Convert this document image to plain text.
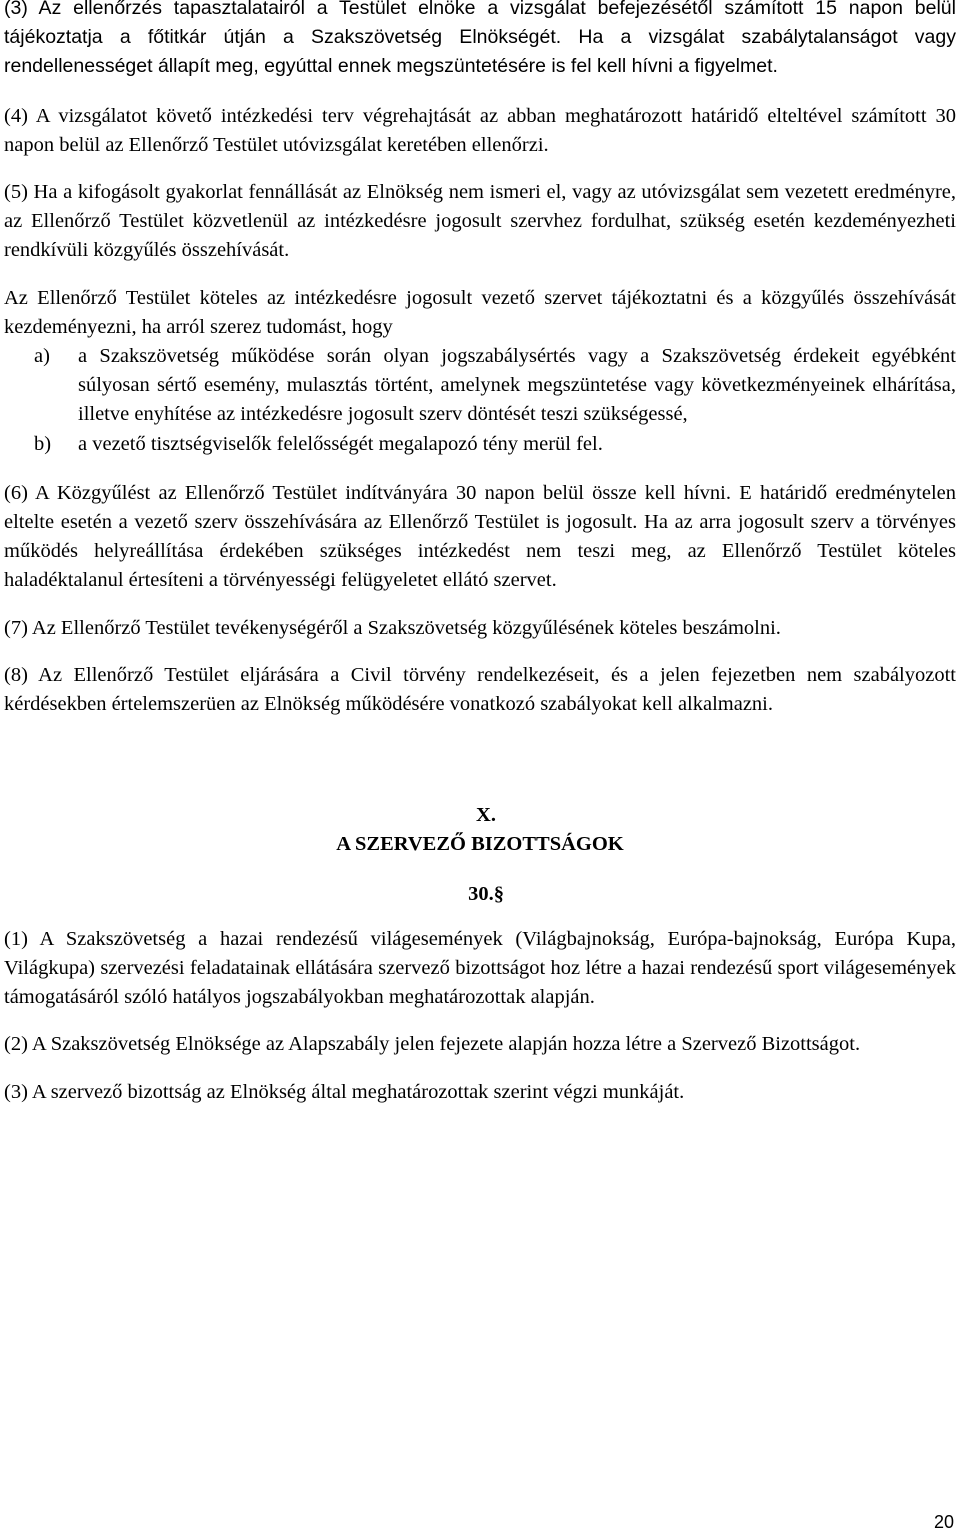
(3) Az ellenőrzés tapasztalatairól a Testület elnöke a vizsgálat befejezésétől számított 15 napon belül tájékoztatja a főtitkár útján a Szakszövetség Elnökségét. Ha a vizsgálat szabálytalanságot vagy rendellenességet állapít meg, egyúttal ennek megszüntetésére is fel kell hívni a figyelmet.

(4) A vizsgálatot követő intézkedési terv végrehajtását az abban meghatározott határidő elteltével számított 30 napon belül az Ellenőrző Testület utóvizsgálat keretében ellenőrzi.

(5) Ha a kifogásolt gyakorlat fennállását az Elnökség nem ismeri el, vagy az utóvizsgálat sem vezetett eredményre, az Ellenőrző Testület közvetlenül az intézkedésre jogosult szervhez fordulhat, szükség esetén kezdeményezheti rendkívüli közgyűlés összehívását.

Az Ellenőrző Testület köteles az intézkedésre jogosult vezető szervet tájékoztatni és a közgyűlés összehívását kezdeményezni, ha arról szerez tudomást, hogy

a) a Szakszövetség működése során olyan jogszabálysértés vagy a Szakszövetség érdekeit egyébként súlyosan sértő esemény, mulasztás történt, amelynek megszüntetése vagy következményeinek elhárítása, illetve enyhítése az intézkedésre jogosult szerv döntését teszi szükségessé,
b) a vezető tisztségviselők felelősségét megalapozó tény merül fel.

(6) A Közgyűlést az Ellenőrző Testület indítványára 30 napon belül össze kell hívni. E határidő eredménytelen eltelte esetén a vezető szerv összehívására az Ellenőrző Testület is jogosult. Ha az arra jogosult szerv a törvényes működés helyreállítása érdekében szükséges intézkedést nem teszi meg, az Ellenőrző Testület köteles haladéktalanul értesíteni a törvényességi felügyeletet ellátó szervet.

(7) Az Ellenőrző Testület tevékenységéről a Szakszövetség közgyűlésének köteles beszámolni.

(8) Az Ellenőrző Testület eljárására a Civil törvény rendelkezéseit, és a jelen fejezetben nem szabályozott kérdésekben értelemszerüen az Elnökség működésére vonatkozó szabályokat kell alkalmazni.

X.

A SZERVEZŐ BIZOTTSÁGOK

30.§

(1) A Szakszövetség a hazai rendezésű világesemények (Világbajnokság, Európa-bajnokság, Európa Kupa, Világkupa) szervezési feladatainak ellátására szervező bizottságot hoz létre a hazai rendezésű sport világesemények támogatásáról szóló hatályos jogszabályokban meghatározottak alapján.

(2) A Szakszövetség Elnöksége az Alapszabály jelen fejezete alapján hozza létre a Szervező Bizottságot.

(3) A szervező bizottság az Elnökség által meghatározottak szerint végzi munkáját.

20
